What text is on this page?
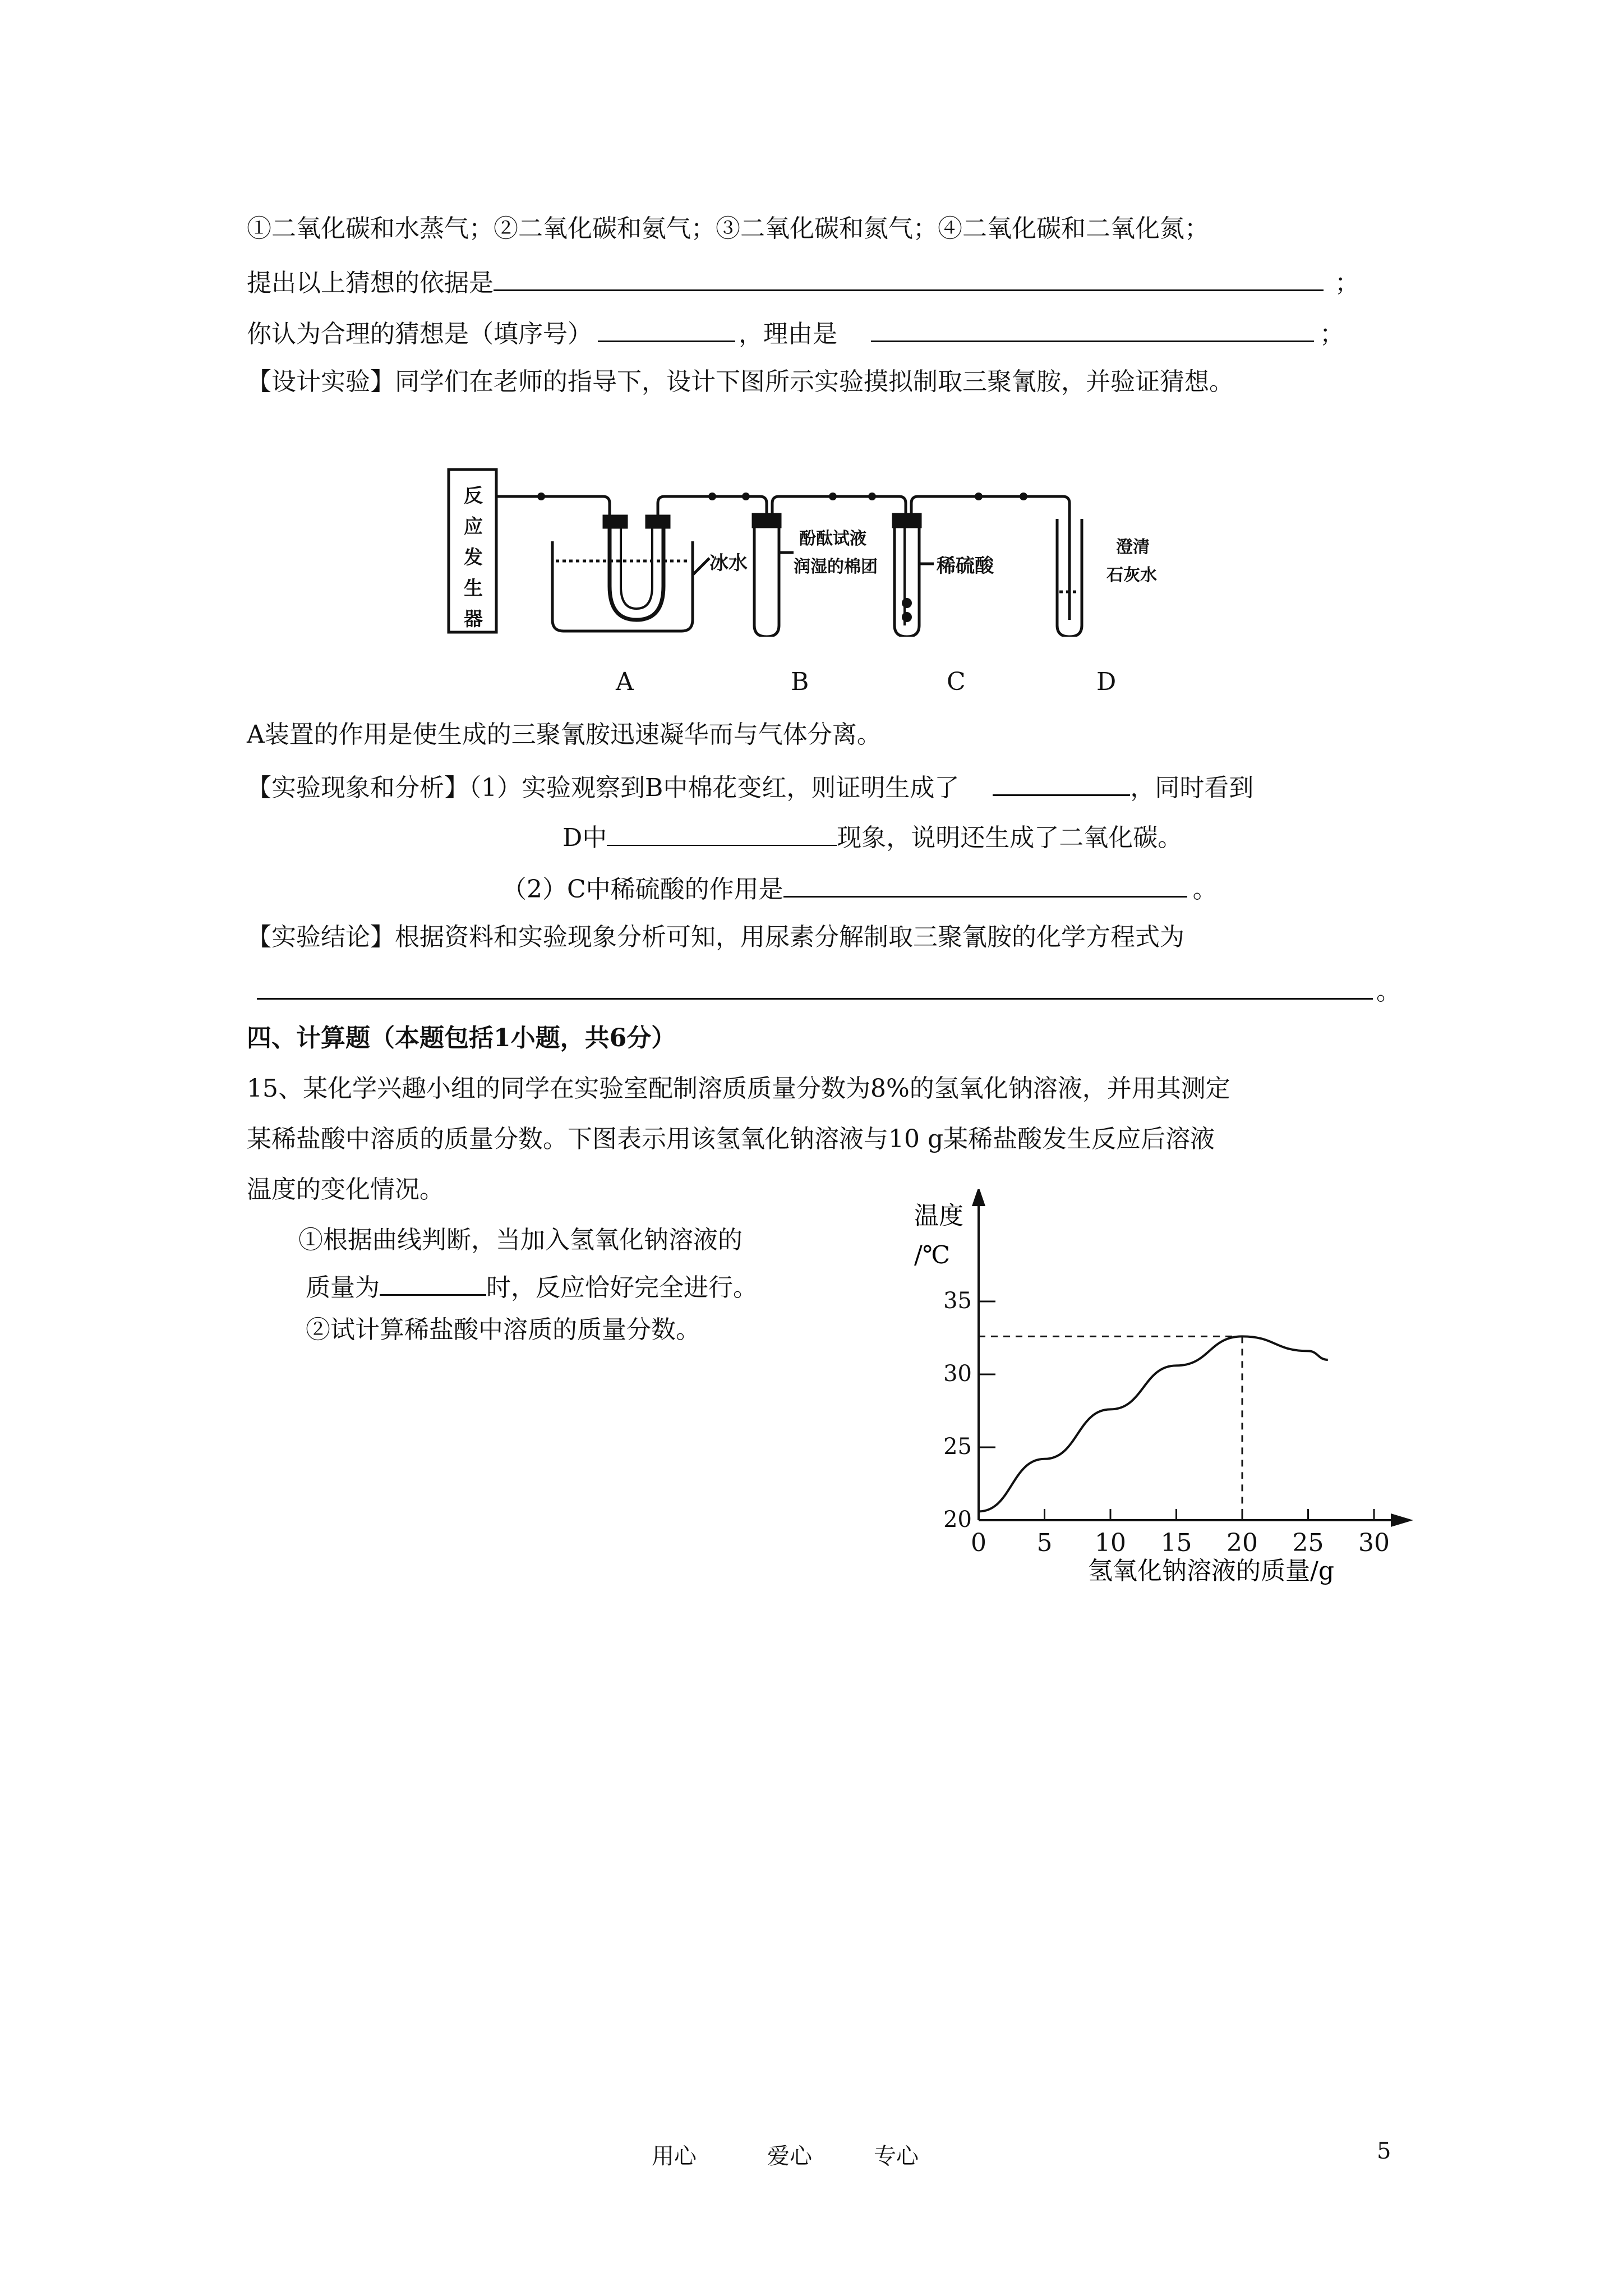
①二氧化碳和水蒸气；②二氧化碳和氨气；③二氧化碳和氮气；④二氧化碳和二氧化氮；
提出以上猜想的依据是	；
你认为合理的猜想是（填序号）	，理由是	；
【设计实验】同学们在老师的指导下，设计下图所示实验摸拟制取三聚氰胺，并验证猜想。
反
应
发
生
器
冰水
酚酞试液
润湿的棉团	稀硫酸
澄清
石灰水
A	B	C	D
A装置的作用是使生成的三聚氰胺迅速凝华而与气体分离。
【实验现象和分析】（1）实验观察到B中棉花变红，则证明生成了	，同时看到
D中	现象，说明还生成了二氧化碳。
（2）C中稀硫酸的作用是	。
【实验结论】根据资料和实验现象分析可知，用尿素分解制取三聚氰胺的化学方程式为
。
四、计算题（本题包括1小题，共6分）
15、某化学兴趣小组的同学在实验室配制溶质质量分数为8%的氢氧化钠溶液，并用其测定
某稀盐酸中溶质的质量分数。下图表示用该氢氧化钠溶液与10 g某稀盐酸发生反应后溶液
温度的变化情况。
①根据曲线判断，当加入氢氧化钠溶液的
质量为	时，反应恰好完全进行。
②试计算稀盐酸中溶质的质量分数。
温度
/℃
氢氧化钠溶液的质量/g
0 5 10 15 20 25 30
20
25
30
35
用心	爱心	专心	5
